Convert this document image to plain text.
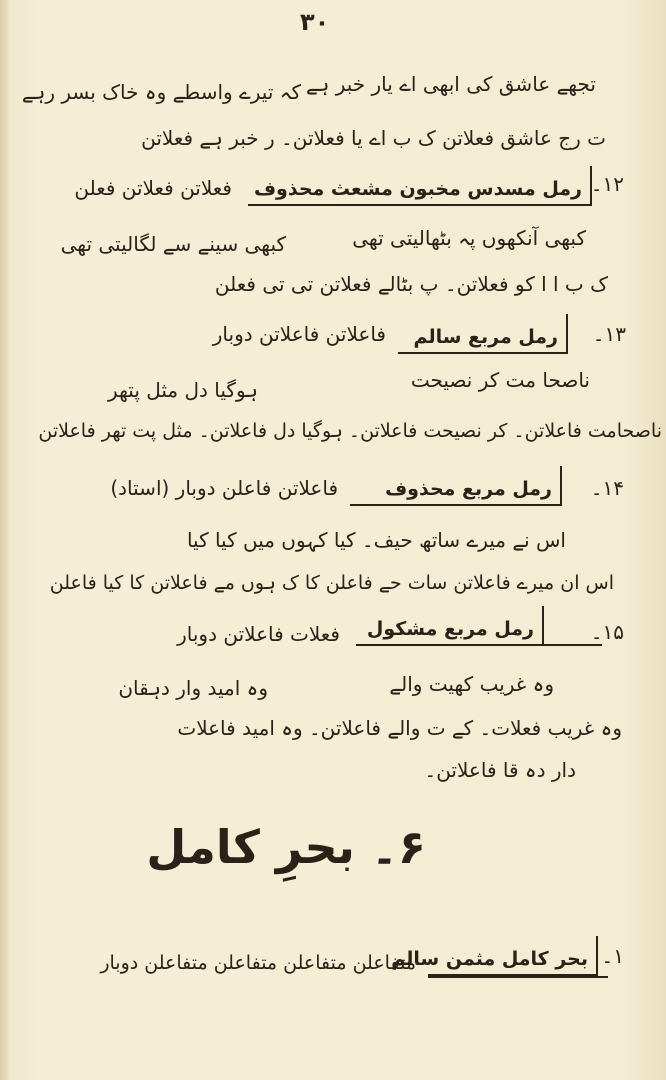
۳۰
تجھے عاشق کی ابھی اے یار خبر ہے
کہ تیرے واسطے وہ خاک بسر رہے
ت رج عاشق فعلاتن ک ب اے یا فعلاتن۔ ر خبر ہے فعلاتن
۱۲۔
رمل مسدس مخبون مشعث محذوف
فعلاتن فعلاتن فعلن
کبھی آنکھوں پہ بٹھالیتی تھی
کبھی سینے سے لگالیتی تھی
ک ب ا ا کو فعلاتن۔ پ بٹالے فعلاتن تی تی فعلن
۱۳۔
رمل مربع سالم
فاعلاتن فاعلاتن دوبار
ناصحا مت کر نصیحت
ہوگیا دل مثل پتھر
ناصحامت فاعلاتن۔ کر نصیحت فاعلاتن۔ ہوگیا دل فاعلاتن۔ مثل پت تھر فاعلاتن
۱۴۔
رمل مربع محذوف
فاعلاتن فاعلن دوبار (استاد)
اس نے میرے ساتھ حیف۔ کیا کہوں میں کیا کیا
اس ان میرے فاعلاتن سات حے فاعلن کا ک ہوں مے فاعلاتن کا کیا فاعلن
۱۵۔
رمل مربع مشکول
فعلات فاعلاتن دوبار
وہ غریب کھیت والے
وہ امید وار دہقان
وہ غریب فعلات۔ کے ت والے فاعلاتن۔ وہ امید فاعلات
دار دہ قا فاعلاتن۔
۶۔ بحرِ کامل
۱۔
بحر کامل مثمن سالم
متفاعلن متفاعلن متفاعلن متفاعلن دوبار
